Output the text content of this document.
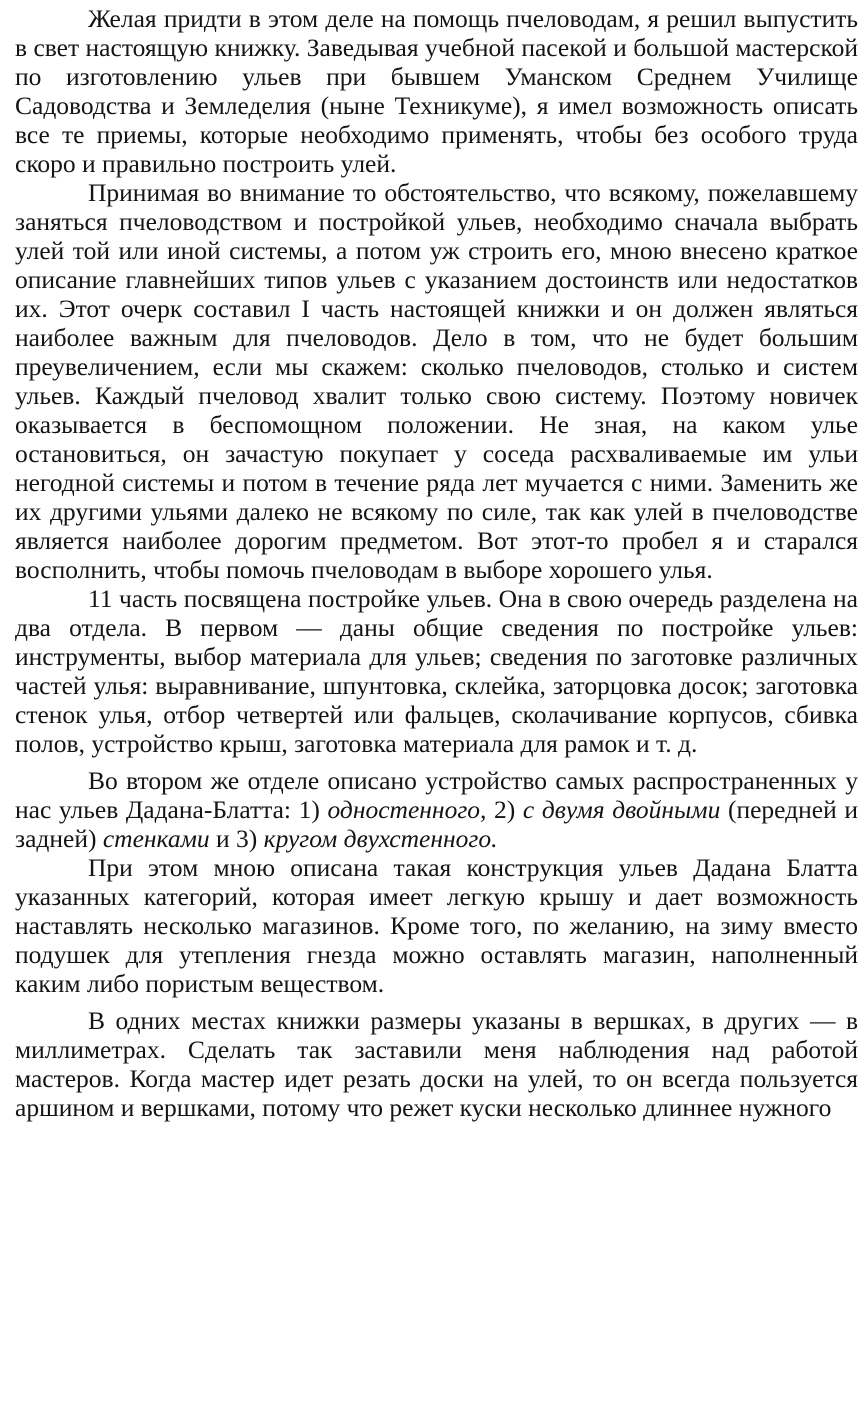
Желая придти в этом деле на помощь пчеловодам, я решил выпустить в свет настоящую книжку. Заведывая учебной пасекой и большой мастерской по изготовлению ульев при бывшем Уманском Среднем Училище Садоводства и Земледелия (ныне Техникуме), я имел возможность описать все те приемы, которые необходимо применять, чтобы без особого труда скоро и правильно построить улей.

Принимая во внимание то обстоятельство, что всякому, пожелавшему заняться пчеловодством и постройкой ульев, необходимо сначала выбрать улей той или иной системы, а потом уж строить его, мною внесено краткое описание главнейших типов ульев с указанием достоинств или недостатков их. Этот очерк составил I часть настоящей книжки и он должен являться наиболее важным для пчеловодов. Дело в том, что не будет большим преувеличением, если мы скажем: сколько пчеловодов, столько и систем ульев. Каждый пчеловод хвалит только свою систему. Поэтому новичек оказывается в беспомощном положении. Не зная, на каком улье остановиться, он зачастую покупает у соседа расхваливаемые им ульи негодной системы и потом в течение ряда лет мучается с ними. Заменить же их другими ульями далеко не всякому по силе, так как улей в пчеловодстве является наиболее дорогим предметом. Вот этот-то пробел я и старался восполнить, чтобы помочь пчеловодам в выборе хорошего улья.

11 часть посвящена постройке ульев. Она в свою очередь разделена на два отдела. В первом — даны общие сведения по постройке ульев: инструменты, выбор материала для ульев; сведения по заготовке различных частей улья: выравнивание, шпунтовка, склейка, заторцовка досок; заготовка стенок улья, отбор четвертей или фальцев, сколачивание корпусов, сбивка полов, устройство крыш, заготовка материала для рамок и т. д.

Во втором же отделе описано устройство самых распространенных у нас ульев Дадана-Блатта: 1) одностенного, 2) с двумя двойными (передней и задней) стенками и 3) кругом двухстенного.

При этом мною описана такая конструкция ульев Дадана Блатта указанных категорий, которая имеет легкую крышу и дает возможность наставлять несколько магазинов. Кроме того, по желанию, на зиму вместо подушек для утепления гнезда можно оставлять магазин, наполненный каким либо пористым веществом.

В одних местах книжки размеры указаны в вершках, в других — в миллиметрах. Сделать так заставили меня наблюдения над работой мастеров. Когда мастер идет резать доски на улей, то он всегда пользуется аршином и вершками, потому что режет куски несколько длиннее нужного
